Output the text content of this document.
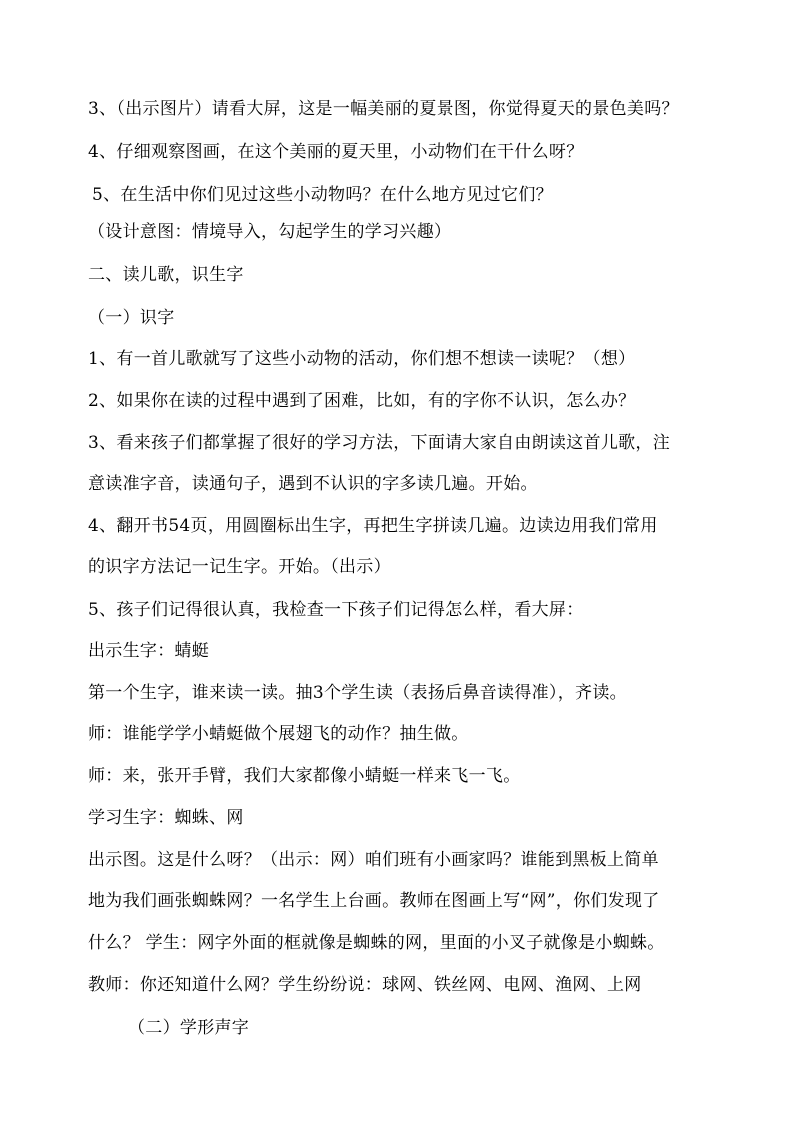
3、（出示图片）请看大屏，这是一幅美丽的夏景图，你觉得夏天的景色美吗？
4、仔细观察图画，在这个美丽的夏天里，小动物们在干什么呀？
5、在生活中你们见过这些小动物吗？在什么地方见过它们？
（设计意图：情境导入，勾起学生的学习兴趣）
二、读儿歌，识生字
（一）识字
1、有一首儿歌就写了这些小动物的活动，你们想不想读一读呢？（想）
2、如果你在读的过程中遇到了困难，比如，有的字你不认识，怎么办？
3、看来孩子们都掌握了很好的学习方法，下面请大家自由朗读这首儿歌，注
意读准字音，读通句子，遇到不认识的字多读几遍。开始。
4、翻开书54页，用圆圈标出生字，再把生字拼读几遍。边读边用我们常用
的识字方法记一记生字。开始。（出示）
5、孩子们记得很认真，我检查一下孩子们记得怎么样，看大屏：
出示生字：蜻蜓
第一个生字，谁来读一读。抽3个学生读（表扬后鼻音读得准），齐读。
师：谁能学学小蜻蜓做个展翅飞的动作？抽生做。
师：来，张开手臂，我们大家都像小蜻蜓一样来飞一飞。
学习生字：蜘蛛、网
出示图。这是什么呀？（出示：网）咱们班有小画家吗？谁能到黑板上简单
地为我们画张蜘蛛网？一名学生上台画。教师在图画上写“网”，你们发现了
什么？ 学生：网字外面的框就像是蜘蛛的网，里面的小叉子就像是小蜘蛛。
教师：你还知道什么网？学生纷纷说：球网、铁丝网、电网、渔网、上网
（二）学形声字
